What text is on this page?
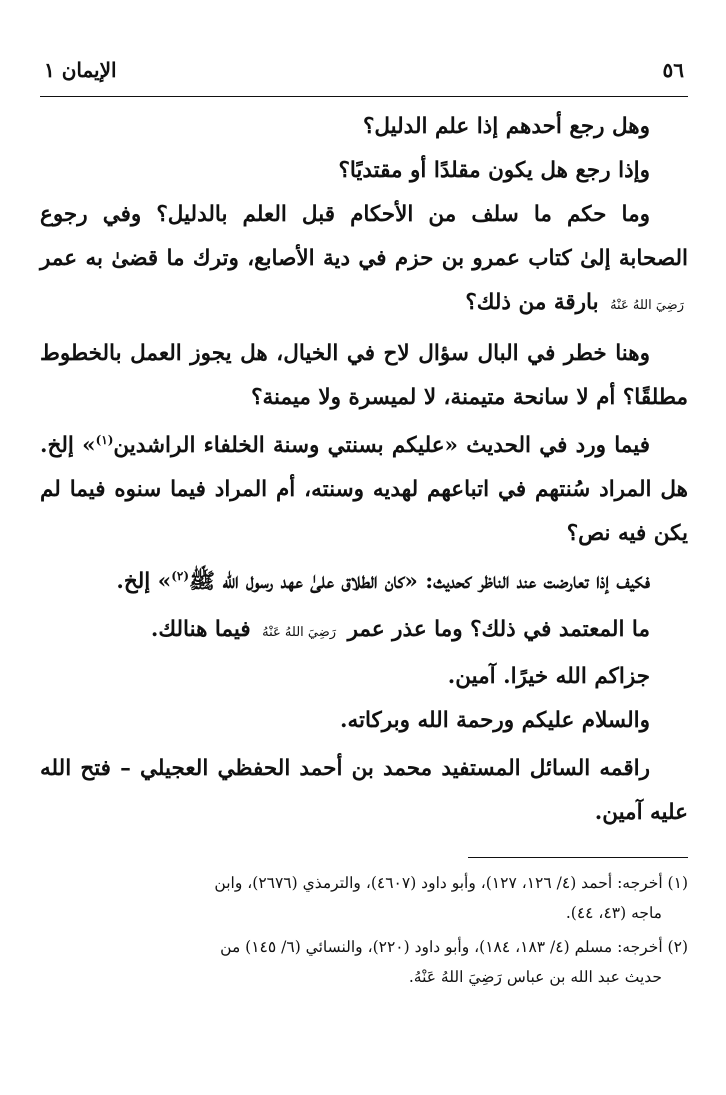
٥٦
الإيمان ١

وهل رجع أحدهم إذا علم الدليل؟

وإذا رجع هل يكون مقلدًا أو مقتديًا؟

وما حكم ما سلف من الأحكام قبل العلم بالدليل؟ وفي رجوع الصحابة إلىٰ كتاب عمرو بن حزم في دية الأصابع، وترك ما قضىٰ به عمر رَضِيَ اللهُ عَنْهُ بارقة من ذلك؟

وهنا خطر في البال سؤال لاح في الخيال، هل يجوز العمل بالخطوط مطلقًا؟ أم لا سانحة متيمنة، لا لميسرة ولا ميمنة؟

فيما ورد في الحديث «عليكم بسنتي وسنة الخلفاء الراشدين$^{(١)}$» إلخ. هل المراد سُنتهم في اتباعهم لهديه وسنته، أم المراد فيما سنوه فيما لم يكن فيه نص؟

فكيف إذا تعارضت عند الناظر كحديث: «كان الطلاق علىٰ عهد رسول الله ﷺ$^{(٢)}$» إلخ.

ما المعتمد في ذلك؟ وما عذر عمر رَضِيَ اللهُ عَنْهُ فيما هنالك.

جزاكم الله خيرًا. آمين.

والسلام عليكم ورحمة الله وبركاته.

راقمه السائل المستفيد محمد بن أحمد الحفظي العجيلي – فتح الله عليه آمين.

(١) أخرجه: أحمد (٤/ ١٢٦، ١٢٧)، وأبو داود (٤٦٠٧)، والترمذي (٢٦٧٦)، وابن
ماجه (٤٣، ٤٤).

(٢) أخرجه: مسلم (٤/ ١٨٣، ١٨٤)، وأبو داود (٢٢٠)، والنسائي (٦/ ١٤٥) من
حديث عبد الله بن عباس رَضِيَ اللهُ عَنْهُ.
